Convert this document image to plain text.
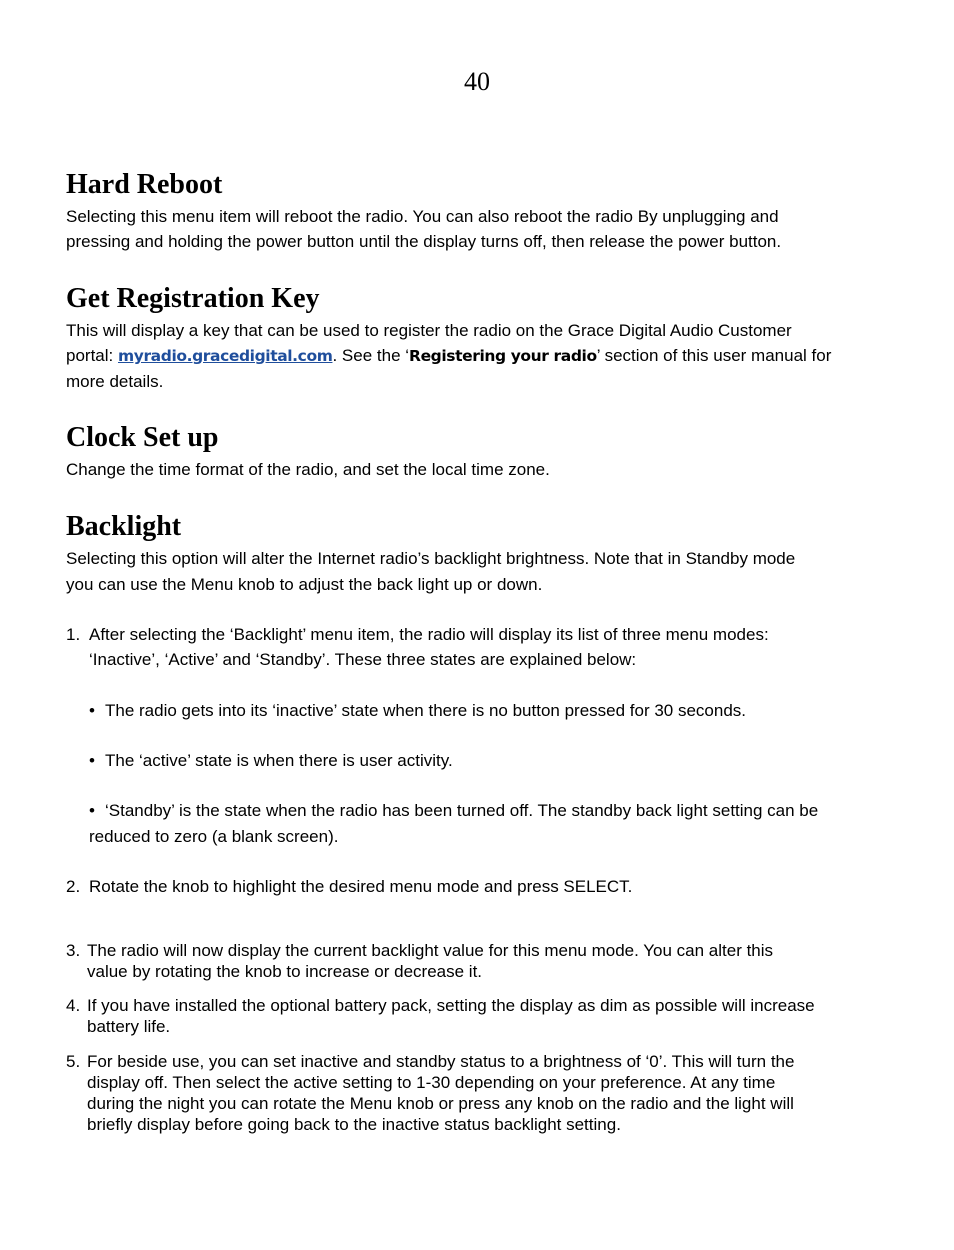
40
Hard Reboot
Selecting this menu item will reboot the radio. You can also reboot the radio By unplugging and
pressing and holding the power button until the display turns off, then release the power button.
Get Registration Key
This will display a key that can be used to register the radio on the Grace Digital Audio Customer
portal: myradio.gracedigital.com. See the ‘Registering your radio’ section of this user manual for
more details.
Clock Set up
Change the time format of the radio, and set the local time zone.
Backlight
Selecting this option will alter the Internet radio’s backlight brightness. Note that in Standby mode
you can use the Menu knob to adjust the back light up or down.
1. After selecting the ‘Backlight’ menu item, the radio will display its list of three menu modes:
‘Inactive’, ‘Active’ and ‘Standby’. These three states are explained below:
• The radio gets into its ‘inactive’ state when there is no button pressed for 30 seconds.
• The ‘active’ state is when there is user activity.
• ‘Standby’ is the state when the radio has been turned off. The standby back light setting can be
reduced to zero (a blank screen).
2. Rotate the knob to highlight the desired menu mode and press SELECT.
3. The radio will now display the current backlight value for this menu mode. You can alter this
value by rotating the knob to increase or decrease it.
4. If you have installed the optional battery pack, setting the display as dim as possible will increase
battery life.
5. For beside use, you can set inactive and standby status to a brightness of ‘0’. This will turn the
display off. Then select the active setting to 1-30 depending on your preference. At any time
during the night you can rotate the Menu knob or press any knob on the radio and the light will
briefly display before going back to the inactive status backlight setting.
